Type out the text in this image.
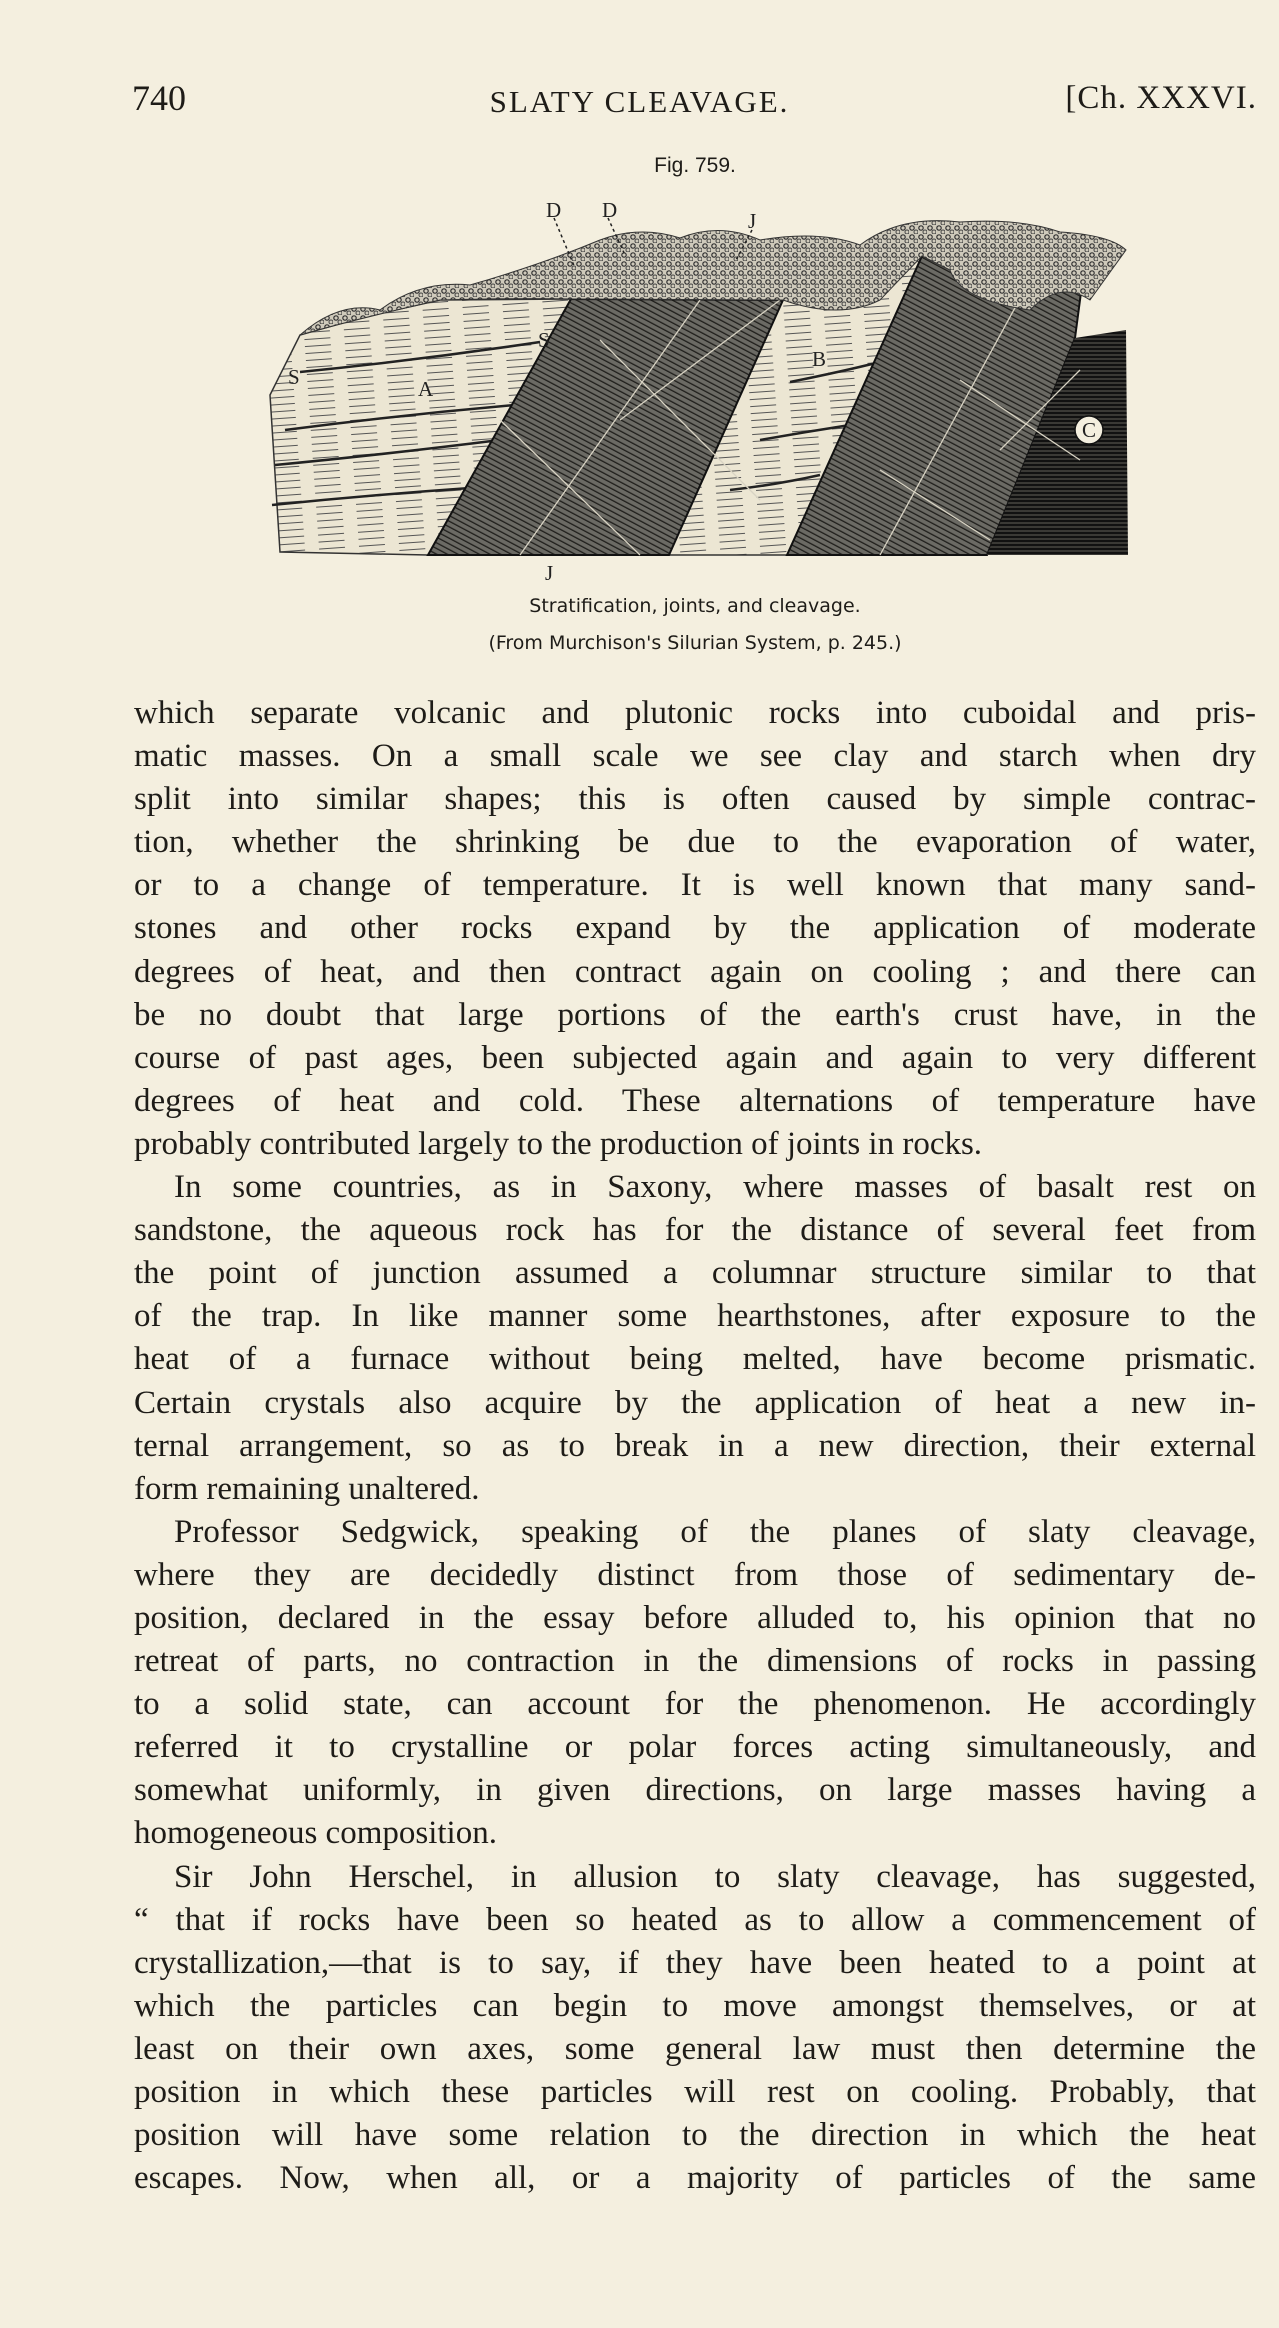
740	SLATY CLEAVAGE.	[Ch. XXXVI.
Fig. 759.
D D	J
S
S	A
B
C
J
Stratification, joints, and cleavage.
(From Murchison's Silurian System, p. 245.)
which separate volcanic and plutonic rocks into cuboidal and pris-
matic masses. On a small scale we see clay and starch when dry
split into similar shapes; this is often caused by simple contrac-
tion, whether the shrinking be due to the evaporation of water,
or to a change of temperature. It is well known that many sand-
stones and other rocks expand by the application of moderate
degrees of heat, and then contract again on cooling ; and there can
be no doubt that large portions of the earth's crust have, in the
course of past ages, been subjected again and again to very different
degrees of heat and cold. These alternations of temperature have
probably contributed largely to the production of joints in rocks.
In some countries, as in Saxony, where masses of basalt rest on
sandstone, the aqueous rock has for the distance of several feet from
the point of junction assumed a columnar structure similar to that
of the trap. In like manner some hearthstones, after exposure to the
heat of a furnace without being melted, have become prismatic.
Certain crystals also acquire by the application of heat a new in-
ternal arrangement, so as to break in a new direction, their external
form remaining unaltered.
Professor Sedgwick, speaking of the planes of slaty cleavage,
where they are decidedly distinct from those of sedimentary de-
position, declared in the essay before alluded to, his opinion that no
retreat of parts, no contraction in the dimensions of rocks in passing
to a solid state, can account for the phenomenon. He accordingly
referred it to crystalline or polar forces acting simultaneously, and
somewhat uniformly, in given directions, on large masses having a
homogeneous composition.
Sir John Herschel, in allusion to slaty cleavage, has suggested,
“ that if rocks have been so heated as to allow a commencement of
crystallization,—that is to say, if they have been heated to a point at
which the particles can begin to move amongst themselves, or at
least on their own axes, some general law must then determine the
position in which these particles will rest on cooling. Probably, that
position will have some relation to the direction in which the heat
escapes. Now, when all, or a majority of particles of the same
